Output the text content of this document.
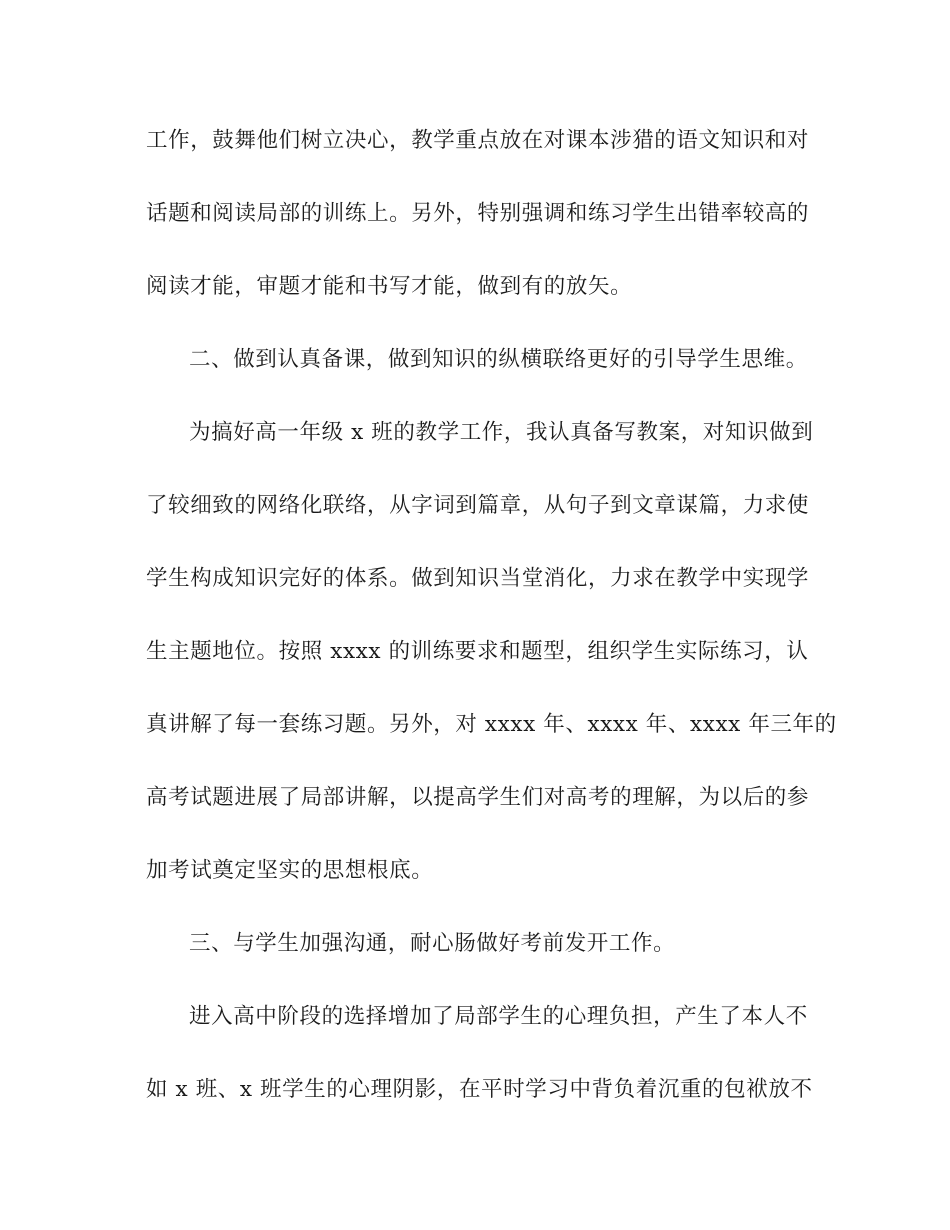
工作，鼓舞他们树立决心，教学重点放在对课本涉猎的语文知识和对
话题和阅读局部的训练上。另外，特别强调和练习学生出错率较高的
阅读才能，审题才能和书写才能，做到有的放矢。
二、做到认真备课，做到知识的纵横联络更好的引导学生思维。
为搞好高一年级 x 班的教学工作，我认真备写教案，对知识做到
了较细致的网络化联络，从字词到篇章，从句子到文章谋篇，力求使
学生构成知识完好的体系。做到知识当堂消化，力求在教学中实现学
生主题地位。按照 xxxx 的训练要求和题型，组织学生实际练习，认
真讲解了每一套练习题。另外，对 xxxx 年、xxxx 年、xxxx 年三年的
高考试题进展了局部讲解，以提高学生们对高考的理解，为以后的参
加考试奠定坚实的思想根底。
三、与学生加强沟通，耐心肠做好考前发开工作。
进入高中阶段的选择增加了局部学生的心理负担，产生了本人不
如 x 班、x 班学生的心理阴影，在平时学习中背负着沉重的包袱放不
